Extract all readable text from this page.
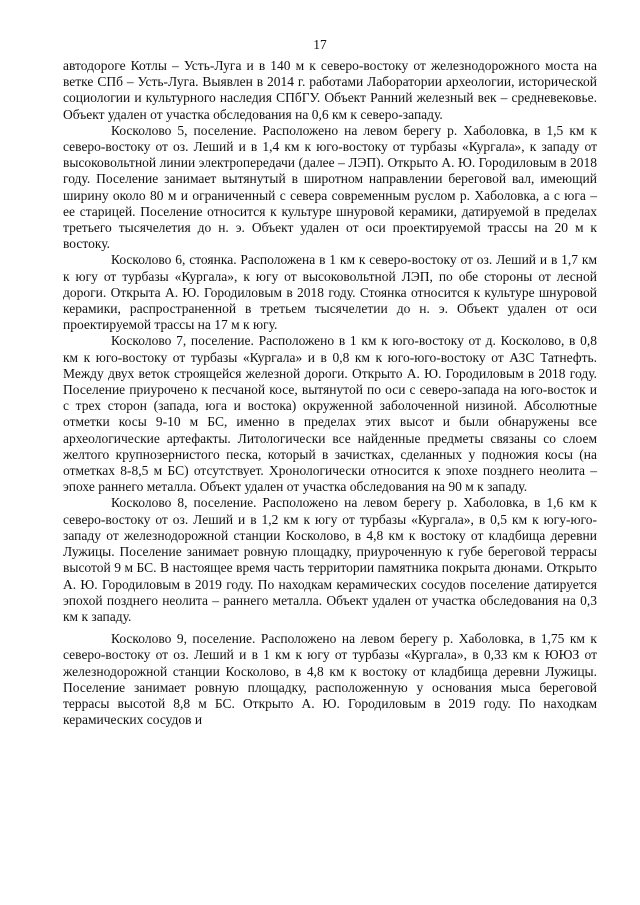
17

автодороге Котлы – Усть-Луга и в 140 м к северо-востоку от железнодорожного моста на ветке СПб – Усть-Луга. Выявлен в 2014 г. работами Лаборатории археологии, исторической социологии и культурного наследия СПбГУ. Объект Ранний железный век – средневековье. Объект удален от участка обследования на 0,6 км к северо-западу.

Косколово 5, поселение. Расположено на левом берегу р. Хаболовка, в 1,5 км к северо-востоку от оз. Леший и в 1,4 км к юго-востоку от турбазы «Кургала», к западу от высоковольтной линии электропередачи (далее – ЛЭП). Открыто А. Ю. Городиловым в 2018 году. Поселение занимает вытянутый в широтном направлении береговой вал, имеющий ширину около 80 м и ограниченный с севера современным руслом р. Хаболовка, а с юга – ее старицей. Поселение относится к культуре шнуровой керамики, датируемой в пределах третьего тысячелетия до н. э. Объект удален от оси проектируемой трассы на 20 м к востоку.

Косколово 6, стоянка. Расположена в 1 км к северо-востоку от оз. Леший и в 1,7 км к югу от турбазы «Кургала», к югу от высоковольтной ЛЭП, по обе стороны от лесной дороги. Открыта А. Ю. Городиловым в 2018 году. Стоянка относится к культуре шнуровой керамики, распространенной в третьем тысячелетии до н. э. Объект удален от оси проектируемой трассы на 17 м к югу.

Косколово 7, поселение. Расположено в 1 км к юго-востоку от д. Косколово, в 0,8 км к юго-востоку от турбазы «Кургала» и в 0,8 км к юго-юго-востоку от АЗС Татнефть. Между двух веток строящейся железной дороги. Открыто А. Ю. Городиловым в 2018 году. Поселение приурочено к песчаной косе, вытянутой по оси с северо-запада на юго-восток и с трех сторон (запада, юга и востока) окруженной заболоченной низиной. Абсолютные отметки косы 9-10 м БС, именно в пределах этих высот и были обнаружены все археологические артефакты. Литологически все найденные предметы связаны со слоем желтого крупнозернистого песка, который в зачистках, сделанных у подножия косы (на отметках 8-8,5 м БС) отсутствует. Хронологически относится к эпохе позднего неолита – эпохе раннего металла. Объект удален от участка обследования на 90 м к западу.

Косколово 8, поселение. Расположено на левом берегу р. Хаболовка, в 1,6 км к северо-востоку от оз. Леший и в 1,2 км к югу от турбазы «Кургала», в 0,5 км к югу-юго-западу от железнодорожной станции Косколово, в 4,8 км к востоку от кладбища деревни Лужицы. Поселение занимает ровную площадку, приуроченную к губе береговой террасы высотой 9 м БС. В настоящее время часть территории памятника покрыта дюнами. Открыто А. Ю. Городиловым в 2019 году. По находкам керамических сосудов поселение датируется эпохой позднего неолита – раннего металла. Объект удален от участка обследования на 0,3 км к западу.

Косколово 9, поселение. Расположено на левом берегу р. Хаболовка, в 1,75 км к северо-востоку от оз. Леший и в 1 км к югу от турбазы «Кургала», в 0,33 км к ЮЮЗ от железнодорожной станции Косколово, в 4,8 км к востоку от кладбища деревни Лужицы. Поселение занимает ровную площадку, расположенную у основания мыса береговой террасы высотой 8,8 м БС. Открыто А. Ю. Городиловым в 2019 году. По находкам керамических сосудов и
